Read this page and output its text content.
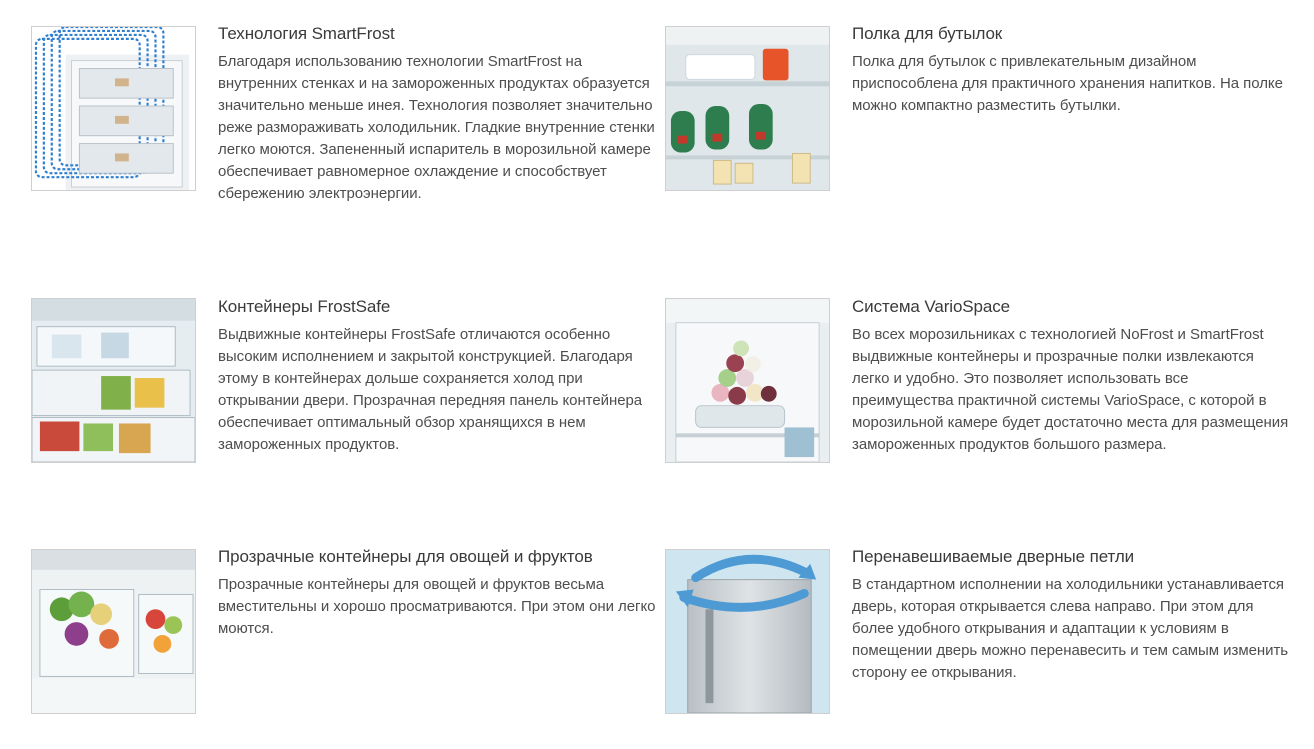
Технология SmartFrost

Благодаря использованию технологии SmartFrost на внутренних стенках и на замороженных продуктах образуется значительно меньше инея. Технология позволяет значительно реже размораживать холодильник. Гладкие внутренние стенки легко моются. Запененный испаритель в морозильной камере обеспечивает равномерное охлаждение и способствует сбережению электроэнергии.

Полка для бутылок

Полка для бутылок с привлекательным дизайном приспособлена для практичного хранения напитков. На полке можно компактно разместить бутылки.

Контейнеры FrostSafe

Выдвижные контейнеры FrostSafe отличаются особенно высоким исполнением и закрытой конструкцией. Благодаря этому в контейнерах дольше сохраняется холод при открывании двери. Прозрачная передняя панель контейнера обеспечивает оптимальный обзор хранящихся в нем замороженных продуктов.

Система VarioSpace

Во всех морозильниках с технологией NoFrost и SmartFrost выдвижные контейнеры и прозрачные полки извлекаются легко и удобно. Это позволяет использовать все преимущества практичной системы VarioSpace, с которой в морозильной камере будет достаточно места для размещения замороженных продуктов большого размера.

Прозрачные контейнеры для овощей и фруктов

Прозрачные контейнеры для овощей и фруктов весьма вместительны и хорошо просматриваются. При этом они легко моются.

Перенавешиваемые дверные петли

В стандартном исполнении на холодильники устанавливается дверь, которая открывается слева направо. При этом для более удобного открывания и адаптации к условиям в помещении дверь можно перенавесить и тем самым изменить сторону ее открывания.
